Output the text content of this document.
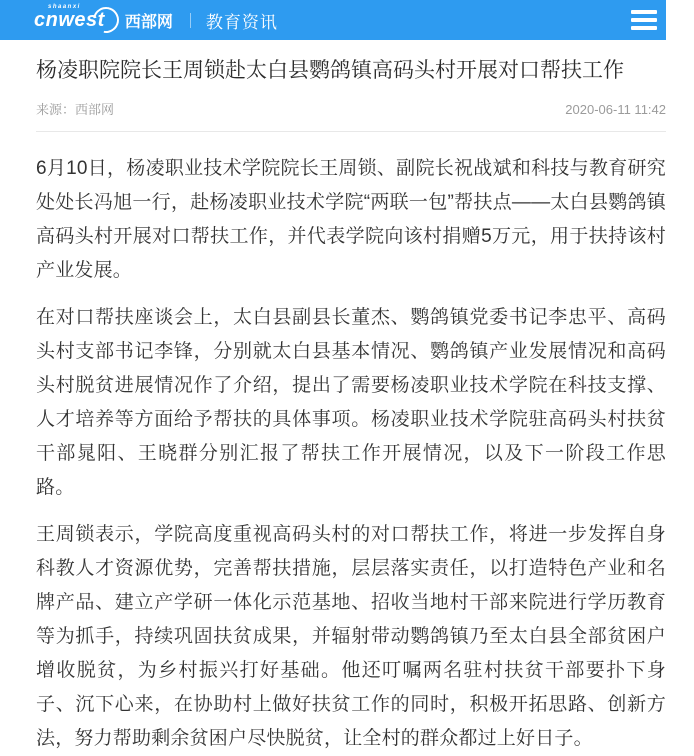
shaanxi
cnwest	西部网 教育资讯
杨凌职院院长王周锁赴太白县鹦鸽镇高码头村开展对口帮扶工作
来源：西部网	2020-06-11 11:42

6月10日，杨凌职业技术学院院长王周锁、副院长祝战斌和科技与教育研究处处长冯旭一行，赴杨凌职业技术学院“两联一包”帮扶点——太白县鹦鸽镇高码头村开展对口帮扶工作，并代表学院向该村捐赠5万元，用于扶持该村产业发展。

在对口帮扶座谈会上，太白县副县长董杰、鹦鸽镇党委书记李忠平、高码头村支部书记李锋，分别就太白县基本情况、鹦鸽镇产业发展情况和高码头村脱贫进展情况作了介绍，提出了需要杨凌职业技术学院在科技支撑、人才培养等方面给予帮扶的具体事项。杨凌职业技术学院驻高码头村扶贫干部晁阳、王晓群分别汇报了帮扶工作开展情况，以及下一阶段工作思路。

王周锁表示，学院高度重视高码头村的对口帮扶工作，将进一步发挥自身科教人才资源优势，完善帮扶措施，层层落实责任，以打造特色产业和名牌产品、建立产学研一体化示范基地、招收当地村干部来院进行学历教育等为抓手，持续巩固扶贫成果，并辐射带动鹦鸽镇乃至太白县全部贫困户增收脱贫，为乡村振兴打好基础。他还叮嘱两名驻村扶贫干部要扑下身子、沉下心来，在协助村上做好扶贫工作的同时，积极开拓思路、创新方法，努力帮助剩余贫困户尽快脱贫，让全村的群众都过上好日子。
